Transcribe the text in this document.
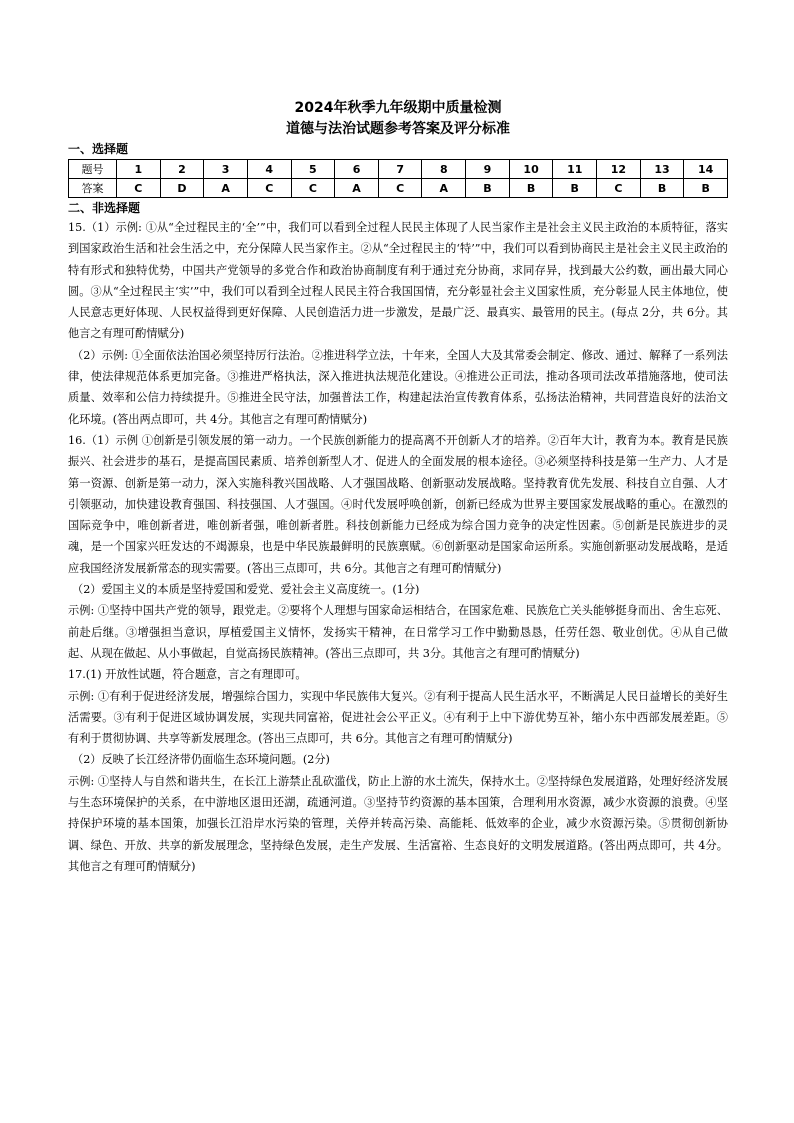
2024年秋季九年级期中质量检测
道德与法治试题参考答案及评分标准
一、选择题
题号	1	2	3	4	5	6	7	8	9	10	11	12	13	14
答案	C	D	A	C	C	A	C	A	B	B	B	C	B	B
二、非选择题

15.（1）示例: ①从“全过程民主的‘全’”中，我们可以看到全过程人民民主体现了人民当家作主是社会主义民主政治的本质特征，落实到国家政治生活和社会生活之中，充分保障人民当家作主。②从“全过程民主的‘特’”中，我们可以看到协商民主是社会主义民主政治的特有形式和独特优势，中国共产党领导的多党合作和政治协商制度有利于通过充分协商，求同存异，找到最大公约数，画出最大同心圆。③从“全过程民主‘实’”中，我们可以看到全过程人民民主符合我国国情，充分彰显社会主义国家性质，充分彰显人民主体地位，使人民意志更好体现、人民权益得到更好保障、人民创造活力进一步激发，是最广泛、最真实、最管用的民主。(每点 2分，共 6分。其他言之有理可酌情赋分)

（2）示例: ①全面依法治国必须坚持厉行法治。②推进科学立法，十年来，全国人大及其常委会制定、修改、通过、解释了一系列法律，使法律规范体系更加完备。③推进严格执法，深入推进执法规范化建设。④推进公正司法，推动各项司法改革措施落地，使司法质量、效率和公信力持续提升。⑤推进全民守法，加强普法工作，构建起法治宣传教育体系，弘扬法治精神，共同营造良好的法治文化环境。(答出两点即可，共 4分。其他言之有理可酌情赋分)

16.（1）示例 ①创新是引领发展的第一动力。一个民族创新能力的提高离不开创新人才的培养。②百年大计，教育为本。教育是民族振兴、社会进步的基石，是提高国民素质、培养创新型人才、促进人的全面发展的根本途径。③必须坚持科技是第一生产力、人才是第一资源、创新是第一动力，深入实施科教兴国战略、人才强国战略、创新驱动发展战略。坚持教育优先发展、科技自立自强、人才引领驱动，加快建设教育强国、科技强国、人才强国。④时代发展呼唤创新，创新已经成为世界主要国家发展战略的重心。在激烈的国际竞争中，唯创新者进，唯创新者强，唯创新者胜。科技创新能力已经成为综合国力竞争的决定性因素。⑤创新是民族进步的灵魂，是一个国家兴旺发达的不竭源泉，也是中华民族最鲜明的民族禀赋。⑥创新驱动是国家命运所系。实施创新驱动发展战略，是适应我国经济发展新常态的现实需要。(答出三点即可，共 6分。其他言之有理可酌情赋分)

（2）爱国主义的本质是坚持爱国和爱党、爱社会主义高度统一。(1分)

示例: ①坚持中国共产党的领导，跟党走。②要将个人理想与国家命运相结合，在国家危难、民族危亡关头能够挺身而出、舍生忘死、前赴后继。③增强担当意识，厚植爱国主义情怀，发扬实干精神，在日常学习工作中勤勤恳恳，任劳任怨、敬业创优。④从自己做起、从现在做起、从小事做起，自觉高扬民族精神。(答出三点即可，共 3分。其他言之有理可酌情赋分)

17.(1) 开放性试题，符合题意，言之有理即可。

示例: ①有利于促进经济发展，增强综合国力，实现中华民族伟大复兴。②有利于提高人民生活水平，不断满足人民日益增长的美好生活需要。③有利于促进区域协调发展，实现共同富裕，促进社会公平正义。④有利于上中下游优势互补，缩小东中西部发展差距。⑤有利于贯彻协调、共享等新发展理念。(答出三点即可，共 6分。其他言之有理可酌情赋分)

（2）反映了长江经济带仍面临生态环境问题。(2分)

示例: ①坚持人与自然和谐共生，在长江上游禁止乱砍滥伐，防止上游的水土流失，保持水土。②坚持绿色发展道路，处理好经济发展与生态环境保护的关系，在中游地区退田还湖，疏通河道。③坚持节约资源的基本国策，合理利用水资源，减少水资源的浪费。④坚持保护环境的基本国策，加强长江沿岸水污染的管理，关停并转高污染、高能耗、低效率的企业，减少水资源污染。⑤贯彻创新协调、绿色、开放、共享的新发展理念，坚持绿色发展，走生产发展、生活富裕、生态良好的文明发展道路。(答出两点即可，共 4分。其他言之有理可酌情赋分)
